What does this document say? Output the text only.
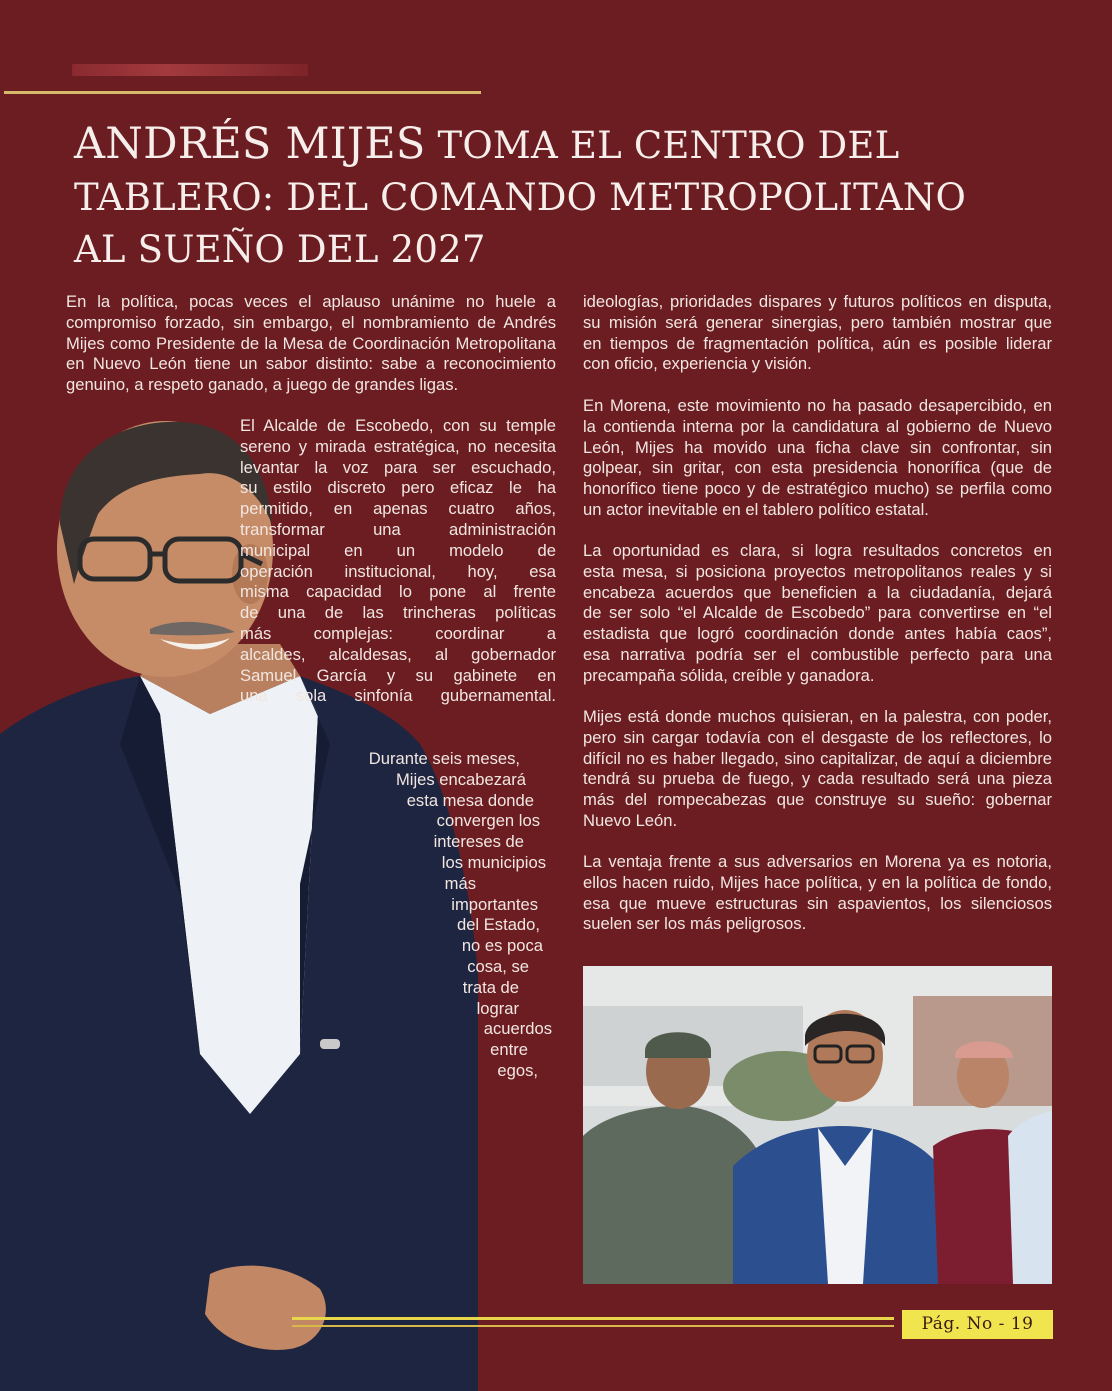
ANDRÉS MIJES TOMA EL CENTRO DEL
TABLERO: DEL COMANDO METROPOLITANO
AL SUEÑO DEL 2027
En la política, pocas veces el aplauso unánime no huele a
compromiso forzado, sin embargo, el nombramiento de Andrés
Mijes como Presidente de la Mesa de Coordinación Metropolitana
en Nuevo León tiene un sabor distinto: sabe a reconocimiento
genuino, a respeto ganado, a juego de grandes ligas.
El Alcalde de Escobedo, con su temple
sereno y mirada estratégica, no necesita
levantar la voz para ser escuchado,
su estilo discreto pero eficaz le ha
permitido, en apenas cuatro años,
transformar una administración
municipal en un modelo de
operación institucional, hoy, esa
misma capacidad lo pone al frente
de una de las trincheras políticas
más complejas: coordinar a
alcaldes, alcaldesas, al gobernador
Samuel García y su gabinete en
una sola sinfonía gubernamental.
Durante seis meses,
Mijes encabezará
esta mesa donde
convergen los
intereses de
los municipios
más
importantes
del Estado,
no es poca
cosa, se
trata de
lograr
acuerdos
entre
egos,
ideologías, prioridades dispares y futuros políticos en disputa,
su misión será generar sinergias, pero también mostrar que
en tiempos de fragmentación política, aún es posible liderar
con oficio, experiencia y visión.
En Morena, este movimiento no ha pasado desapercibido, en
la contienda interna por la candidatura al gobierno de Nuevo
León, Mijes ha movido una ficha clave sin confrontar, sin
golpear, sin gritar, con esta presidencia honorífica (que de
honorífico tiene poco y de estratégico mucho) se perfila como
un actor inevitable en el tablero político estatal.
La oportunidad es clara, si logra resultados concretos en
esta mesa, si posiciona proyectos metropolitanos reales y si
encabeza acuerdos que beneficien a la ciudadanía, dejará
de ser solo “el Alcalde de Escobedo” para convertirse en “el
estadista que logró coordinación donde antes había caos”,
esa narrativa podría ser el combustible perfecto para una
precampaña sólida, creíble y ganadora.
Mijes está donde muchos quisieran, en la palestra, con poder,
pero sin cargar todavía con el desgaste de los reflectores, lo
difícil no es haber llegado, sino capitalizar, de aquí a diciembre
tendrá su prueba de fuego, y cada resultado será una pieza
más del rompecabezas que construye su sueño: gobernar
Nuevo León.
La ventaja frente a sus adversarios en Morena ya es notoria,
ellos hacen ruido, Mijes hace política, y en la política de fondo,
esa que mueve estructuras sin aspavientos, los silenciosos
suelen ser los más peligrosos.
Pág. No - 19
